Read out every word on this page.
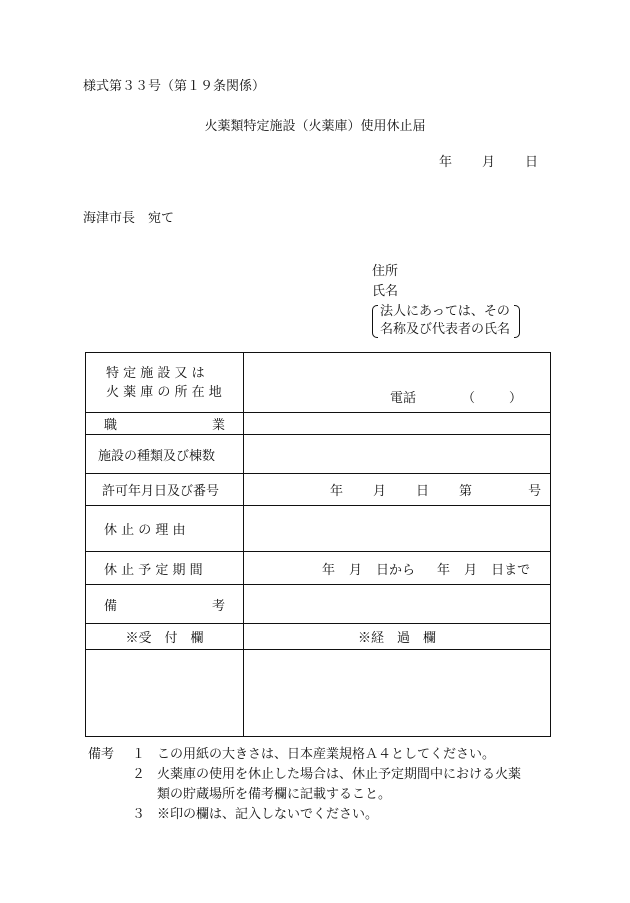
様式第３３号（第１９条関係）
火薬類特定施設（火薬庫）使用休止届
年 月 日
海津市長　宛て
住所
氏名
法人にあっては、その
名称及び代表者の氏名
特 定 施 設 又 は
火 薬 庫 の 所 在 地	電話	（	）
職	業
施設の種類及び棟数
許可年月日及び番号	年 月 日 第	号
休 止 の 理 由
休 止 予 定 期 間	年 月 日から 年 月 日まで
備	考
※受　付　欄	※経　過　欄
備考 １ この用紙の大きさは、日本産業規格Ａ４としてください。
２ 火薬庫の使用を休止した場合は、休止予定期間中における火薬
類の貯蔵場所を備考欄に記載すること。
３ ※印の欄は、記入しないでください。
